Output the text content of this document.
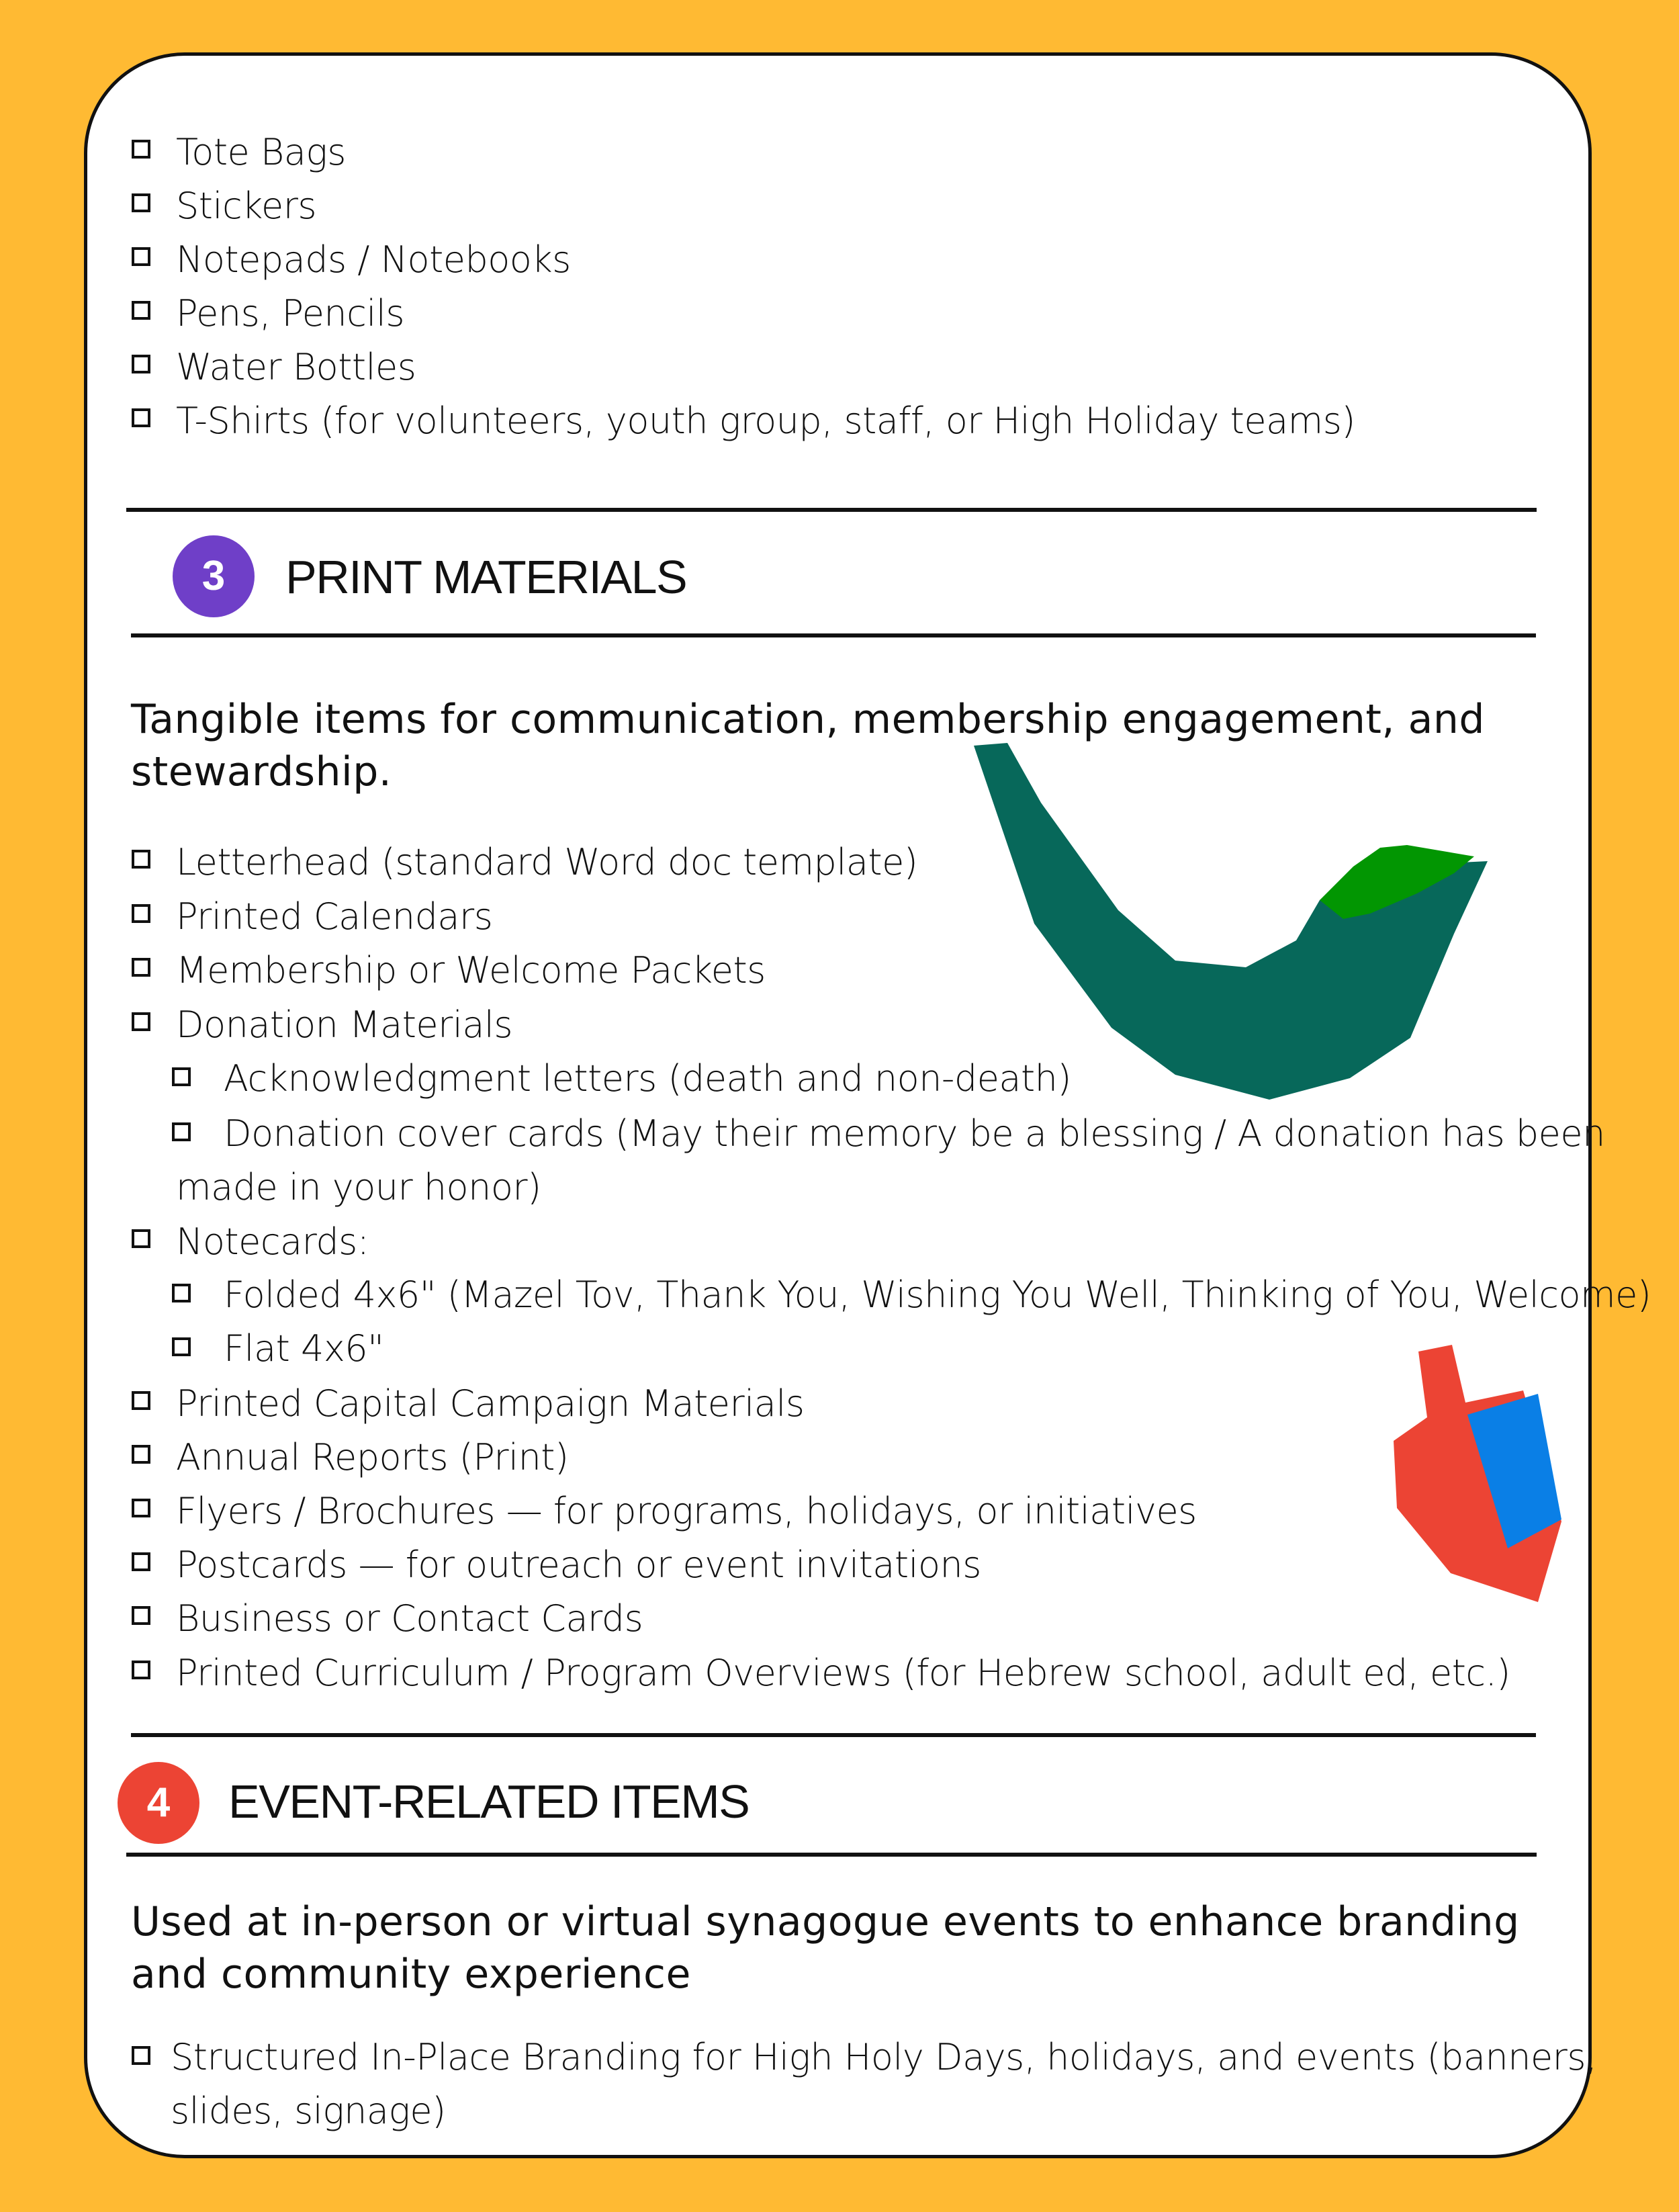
Tote Bags
Stickers
Notepads / Notebooks
Pens, Pencils
Water Bottles
T-Shirts (for volunteers, youth group, staff, or High Holiday teams)
3	PRINT MATERIALS
Tangible items for communication, membership engagement, and
stewardship.
Letterhead (standard Word doc template)
Printed Calendars
Membership or Welcome Packets
Donation Materials
Acknowledgment letters (death and non-death)
Donation cover cards (May their memory be a blessing / A donation has been
made in your honor)
Notecards:
Folded 4x6" (Mazel Tov, Thank You, Wishing You Well, Thinking of You, Welcome)
Flat 4x6"
Printed Capital Campaign Materials
Annual Reports (Print)
Flyers / Brochures — for programs, holidays, or initiatives
Postcards — for outreach or event invitations
Business or Contact Cards
Printed Curriculum / Program Overviews (for Hebrew school, adult ed, etc.)
4	EVENT-RELATED ITEMS
Used at in-person or virtual synagogue events to enhance branding
and community experience
Structured In-Place Branding for High Holy Days, holidays, and events (banners,
slides, signage)
